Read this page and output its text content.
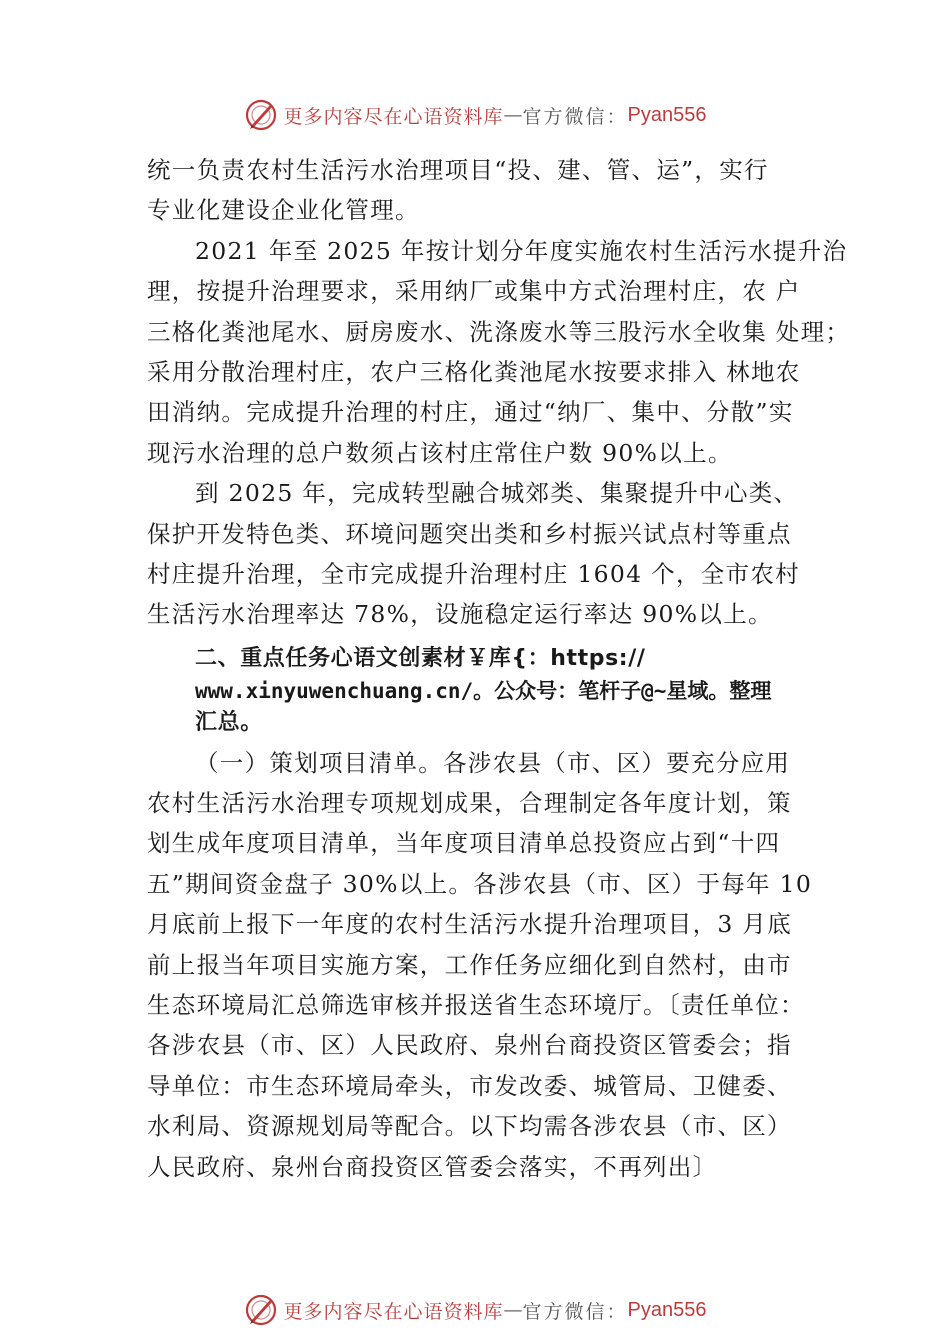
更多内容尽在心语资料库 — 官方微信： Pyan556
统一负责农村生活污水治理项目“投、建、管、运”，实行
专业化建设企业化管理。
2021 年至 2025 年按计划分年度实施农村生活污水提升治
理，按提升治理要求，采用纳厂或集中方式治理村庄，农 户
三格化粪池尾水、厨房废水、洗涤废水等三股污水全收集 处理；
采用分散治理村庄，农户三格化粪池尾水按要求排入 林地农
田消纳。完成提升治理的村庄，通过“纳厂、集中、分散”实
现污水治理的总户数须占该村庄常住户数 90%以上。
到 2025 年，完成转型融合城郊类、集聚提升中心类、
保护开发特色类、环境问题突出类和乡村振兴试点村等重点
村庄提升治理，全市完成提升治理村庄 1604 个，全市农村
生活污水治理率达 78%，设施稳定运行率达 90%以上。
二、重点任务心语文创素材￥库{：https://
www.xinyuwenchuang.cn/。公众号：笔杆子@~星域。整理
汇总。
（一）策划项目清单。各涉农县（市、区）要充分应用
农村生活污水治理专项规划成果，合理制定各年度计划，策
划生成年度项目清单，当年度项目清单总投资应占到“十四
五”期间资金盘子 30%以上。各涉农县（市、区）于每年 10
月底前上报下一年度的农村生活污水提升治理项目，3 月底
前上报当年项目实施方案，工作任务应细化到自然村，由市
生态环境局汇总筛选审核并报送省生态环境厅。〔责任单位：
各涉农县（市、区）人民政府、泉州台商投资区管委会；指
导单位：市生态环境局牵头，市发改委、城管局、卫健委、
水利局、资源规划局等配合。以下均需各涉农县（市、区）
人民政府、泉州台商投资区管委会落实，不再列出〕
更多内容尽在心语资料库 — 官方微信： Pyan556
